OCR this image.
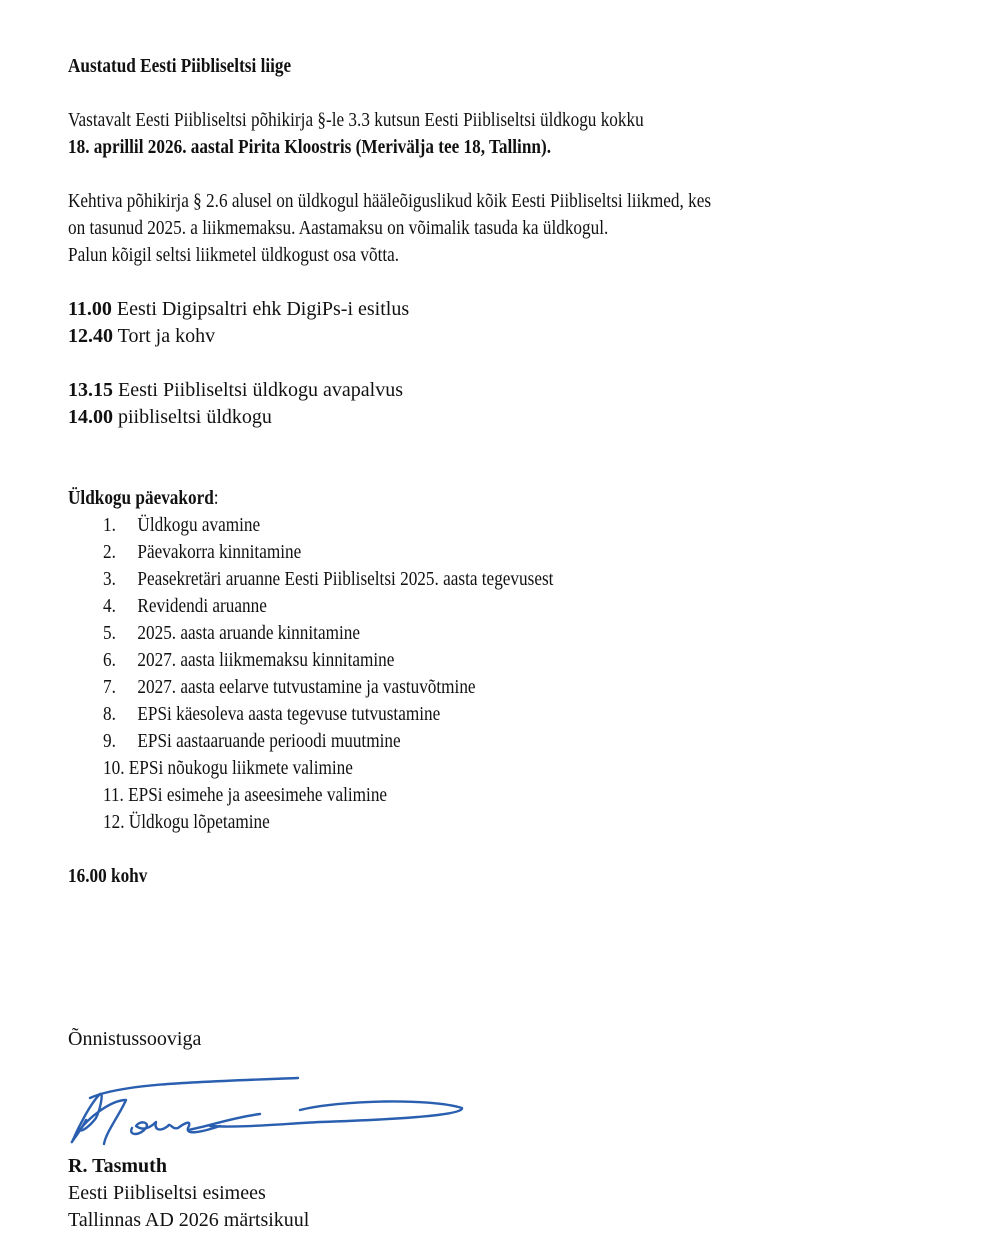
Austatud Eesti Piibliseltsi liige
Vastavalt Eesti Piibliseltsi põhikirja §-le 3.3 kutsun Eesti Piibliseltsi üldkogu kokku
18. aprillil 2026. aastal Pirita Kloostris (Merivälja tee 18, Tallinn).
Kehtiva põhikirja § 2.6 alusel on üldkogul hääleõiguslikud kõik Eesti Piibliseltsi liikmed, kes
on tasunud 2025. a liikmemaksu. Aastamaksu on võimalik tasuda ka üldkogul.
Palun kõigil seltsi liikmetel üldkogust osa võtta.
11.00 Eesti Digipsaltri ehk DigiPs-i esitlus
12.40 Tort ja kohv
13.15 Eesti Piibliseltsi üldkogu avapalvus
14.00 piibliseltsi üldkogu
Üldkogu päevakord:
1. Üldkogu avamine
2. Päevakorra kinnitamine
3. Peasekretäri aruanne Eesti Piibliseltsi 2025. aasta tegevusest
4. Revidendi aruanne
5. 2025. aasta aruande kinnitamine
6. 2027. aasta liikmemaksu kinnitamine
7. 2027. aasta eelarve tutvustamine ja vastuvõtmine
8. EPSi käesoleva aasta tegevuse tutvustamine
9. EPSi aastaaruande perioodi muutmine
10. EPSi nõukogu liikmete valimine
11. EPSi esimehe ja aseesimehe valimine
12. Üldkogu lõpetamine
16.00 kohv
Õnnistussooviga
R. Tasmuth
Eesti Piibliseltsi esimees
Tallinnas AD 2026 märtsikuul
